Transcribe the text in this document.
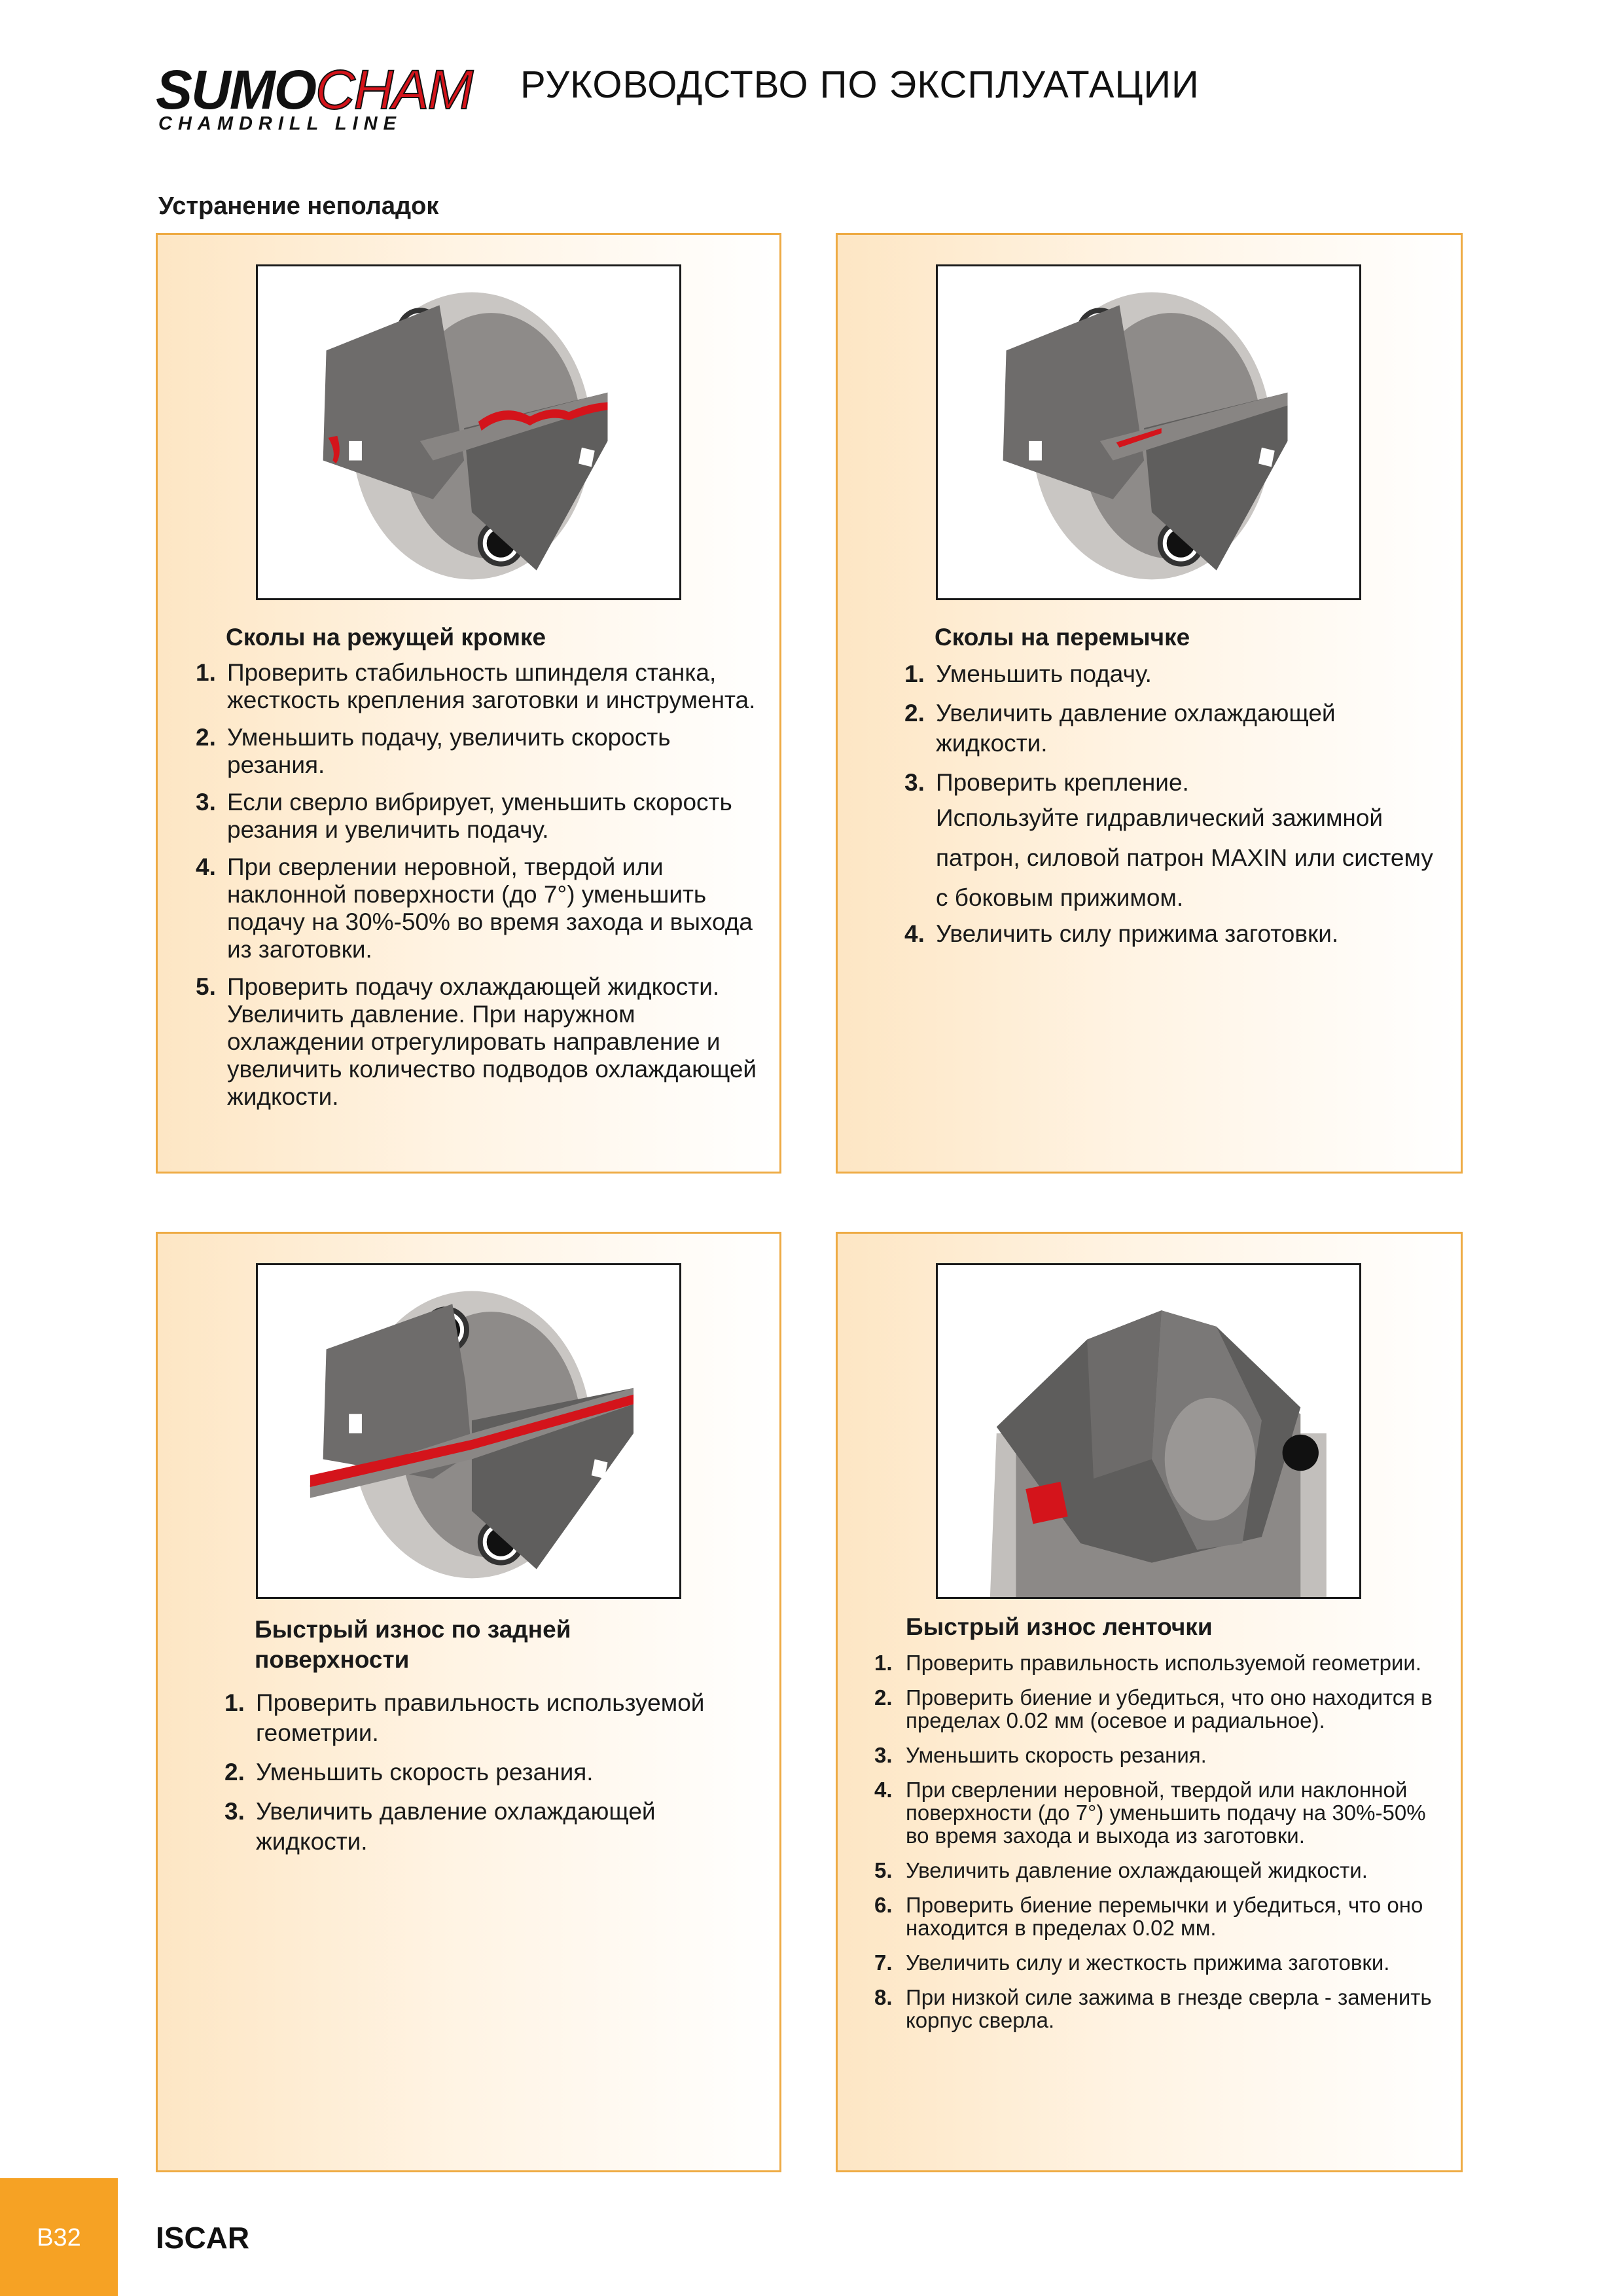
SUMOCHAM
CHAMDRILL LINE
РУКОВОДСТВО ПО ЭКСПЛУАТАЦИИ
Устранение неполадок
Сколы на режущей кромке
1. Проверить стабильность шпинделя станка, жесткость крепления заготовки и инструмента.
2. Уменьшить подачу, увеличить скорость резания.
3. Если сверло вибрирует, уменьшить скорость резания и увеличить подачу.
4. При сверлении неровной, твердой или наклонной поверхности (до 7°) уменьшить подачу на 30%-50% во время захода и выхода из заготовки.
5. Проверить подачу охлаждающей жидкости. Увеличить давление. При наружном охлаждении отрегулировать направление и увеличить количество подводов охлаждающей жидкости.
Сколы на перемычке
1. Уменьшить подачу.
2. Увеличить давление охлаждающей жидкости.
3. Проверить крепление.
Используйте гидравлический зажимной патрон, силовой патрон MAXIN или систему с боковым прижимом.
4. Увеличить силу прижима заготовки.
Быстрый износ по задней поверхности
1. Проверить правильность используемой геометрии.
2. Уменьшить скорость резания.
3. Увеличить давление охлаждающей жидкости.
Быстрый износ ленточки
1. Проверить правильность используемой геометрии.
2. Проверить биение и убедиться, что оно находится в пределах 0.02 мм (осевое и радиальное).
3. Уменьшить скорость резания.
4. При сверлении неровной, твердой или наклонной поверхности (до 7°) уменьшить подачу на 30%-50% во время захода и выхода из заготовки.
5. Увеличить давление охлаждающей жидкости.
6. Проверить биение перемычки и убедиться, что оно находится в пределах 0.02 мм.
7. Увеличить силу и жесткость прижима заготовки.
8. При низкой силе зажима в гнезде сверла - заменить корпус сверла.
B32	ISCAR
